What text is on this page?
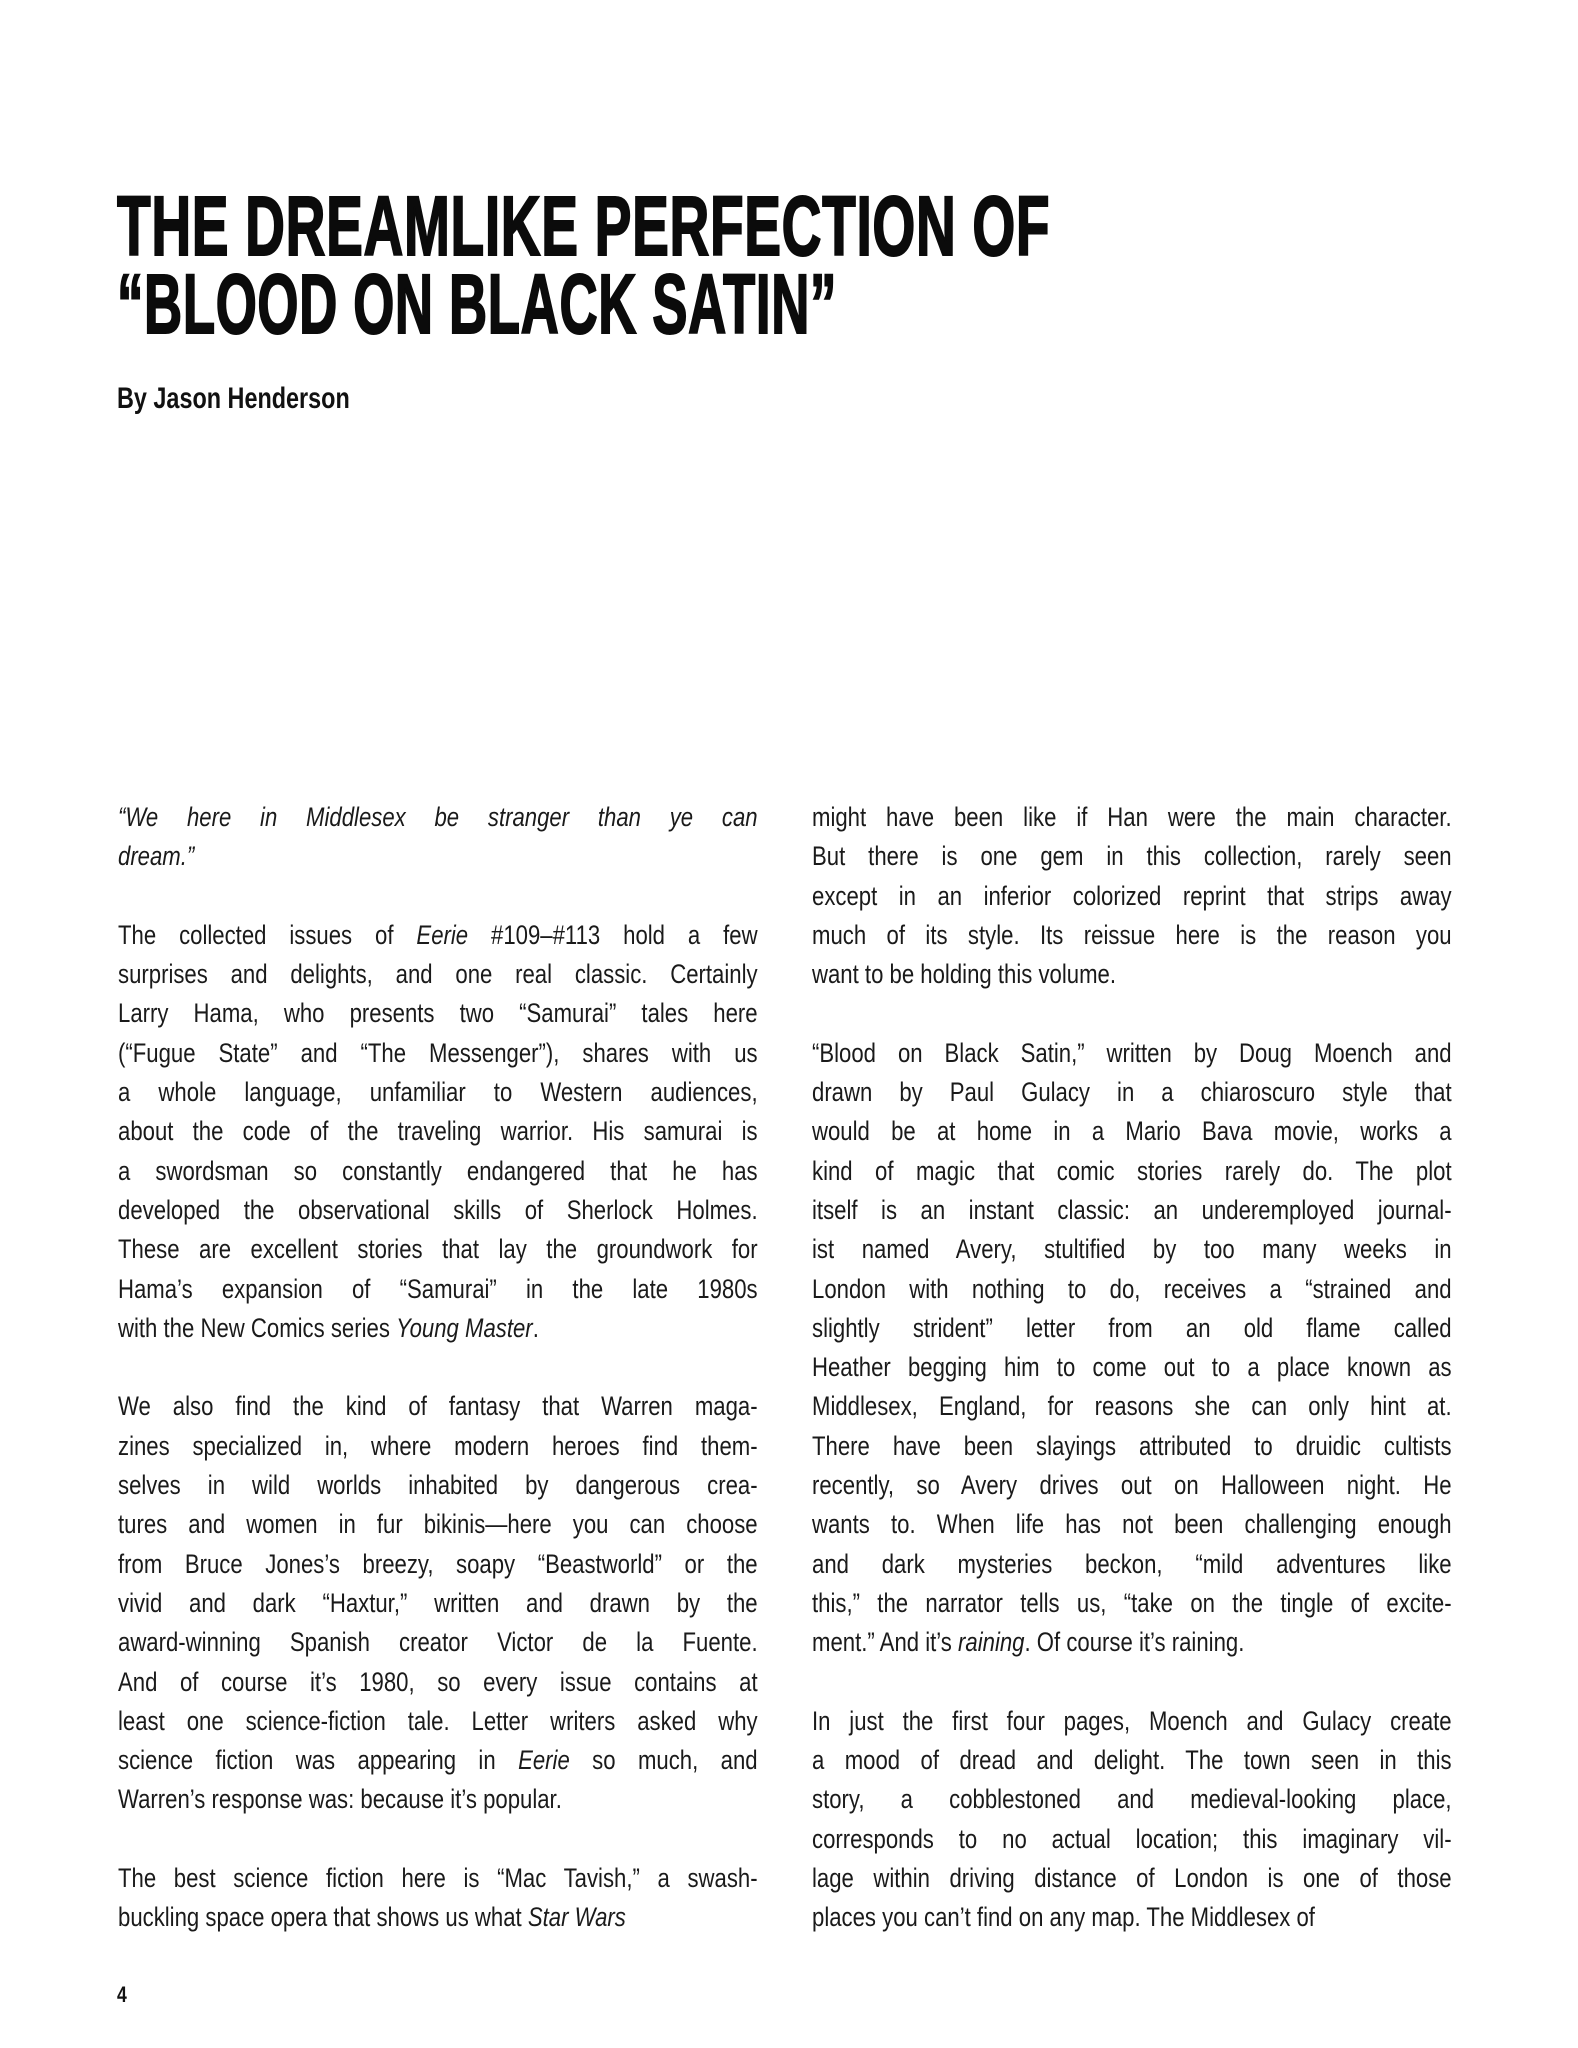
THE DREAMLIKE PERFECTION OF
“BLOOD ON BLACK SATIN”
By Jason Henderson
“We here in Middlesex be stranger than ye can
dream.”
The collected issues of Eerie #109–#113 hold a few
surprises and delights, and one real classic. Certainly
Larry Hama, who presents two “Samurai” tales here
(“Fugue State” and “The Messenger”), shares with us
a whole language, unfamiliar to Western audiences,
about the code of the traveling warrior. His samurai is
a swordsman so constantly endangered that he has
developed the observational skills of Sherlock Holmes.
These are excellent stories that lay the groundwork for
Hama’s expansion of “Samurai” in the late 1980s
with the New Comics series Young Master.
We also find the kind of fantasy that Warren maga-
zines specialized in, where modern heroes find them-
selves in wild worlds inhabited by dangerous crea-
tures and women in fur bikinis—here you can choose
from Bruce Jones’s breezy, soapy “Beastworld” or the
vivid and dark “Haxtur,” written and drawn by the
award-winning Spanish creator Victor de la Fuente.
And of course it’s 1980, so every issue contains at
least one science-fiction tale. Letter writers asked why
science fiction was appearing in Eerie so much, and
Warren’s response was: because it’s popular.
The best science fiction here is “Mac Tavish,” a swash-
buckling space opera that shows us what Star Wars
might have been like if Han were the main character.
But there is one gem in this collection, rarely seen
except in an inferior colorized reprint that strips away
much of its style. Its reissue here is the reason you
want to be holding this volume.
“Blood on Black Satin,” written by Doug Moench and
drawn by Paul Gulacy in a chiaroscuro style that
would be at home in a Mario Bava movie, works a
kind of magic that comic stories rarely do. The plot
itself is an instant classic: an underemployed journal-
ist named Avery, stultified by too many weeks in
London with nothing to do, receives a “strained and
slightly strident” letter from an old flame called
Heather begging him to come out to a place known as
Middlesex, England, for reasons she can only hint at.
There have been slayings attributed to druidic cultists
recently, so Avery drives out on Halloween night. He
wants to. When life has not been challenging enough
and dark mysteries beckon, “mild adventures like
this,” the narrator tells us, “take on the tingle of excite-
ment.” And it’s raining. Of course it’s raining.
In just the first four pages, Moench and Gulacy create
a mood of dread and delight. The town seen in this
story, a cobblestoned and medieval-looking place,
corresponds to no actual location; this imaginary vil-
lage within driving distance of London is one of those
places you can’t find on any map. The Middlesex of
4
